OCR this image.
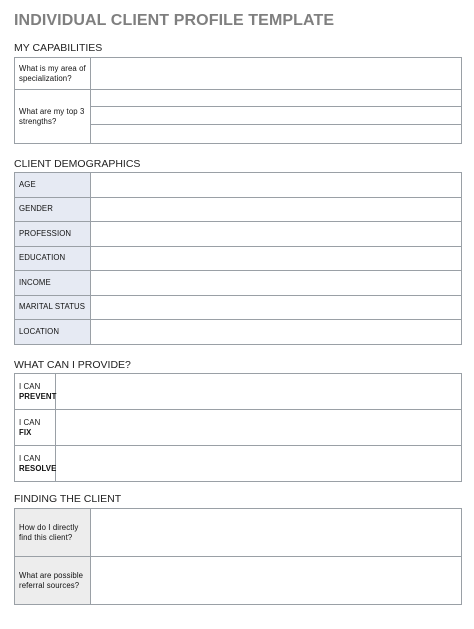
INDIVIDUAL CLIENT PROFILE TEMPLATE
MY CAPABILITIES
What is my area of specialization?	
What are my top 3 strengths?	

CLIENT DEMOGRAPHICS
AGE	
GENDER	
PROFESSION	
EDUCATION	
INCOME	
MARITAL STATUS	
LOCATION	
WHAT CAN I PROVIDE?
I CAN
PREVENT	
I CAN
FIX	
I CAN
RESOLVE	
FINDING THE CLIENT
How do I directly find this client?	
What are possible referral sources?	
